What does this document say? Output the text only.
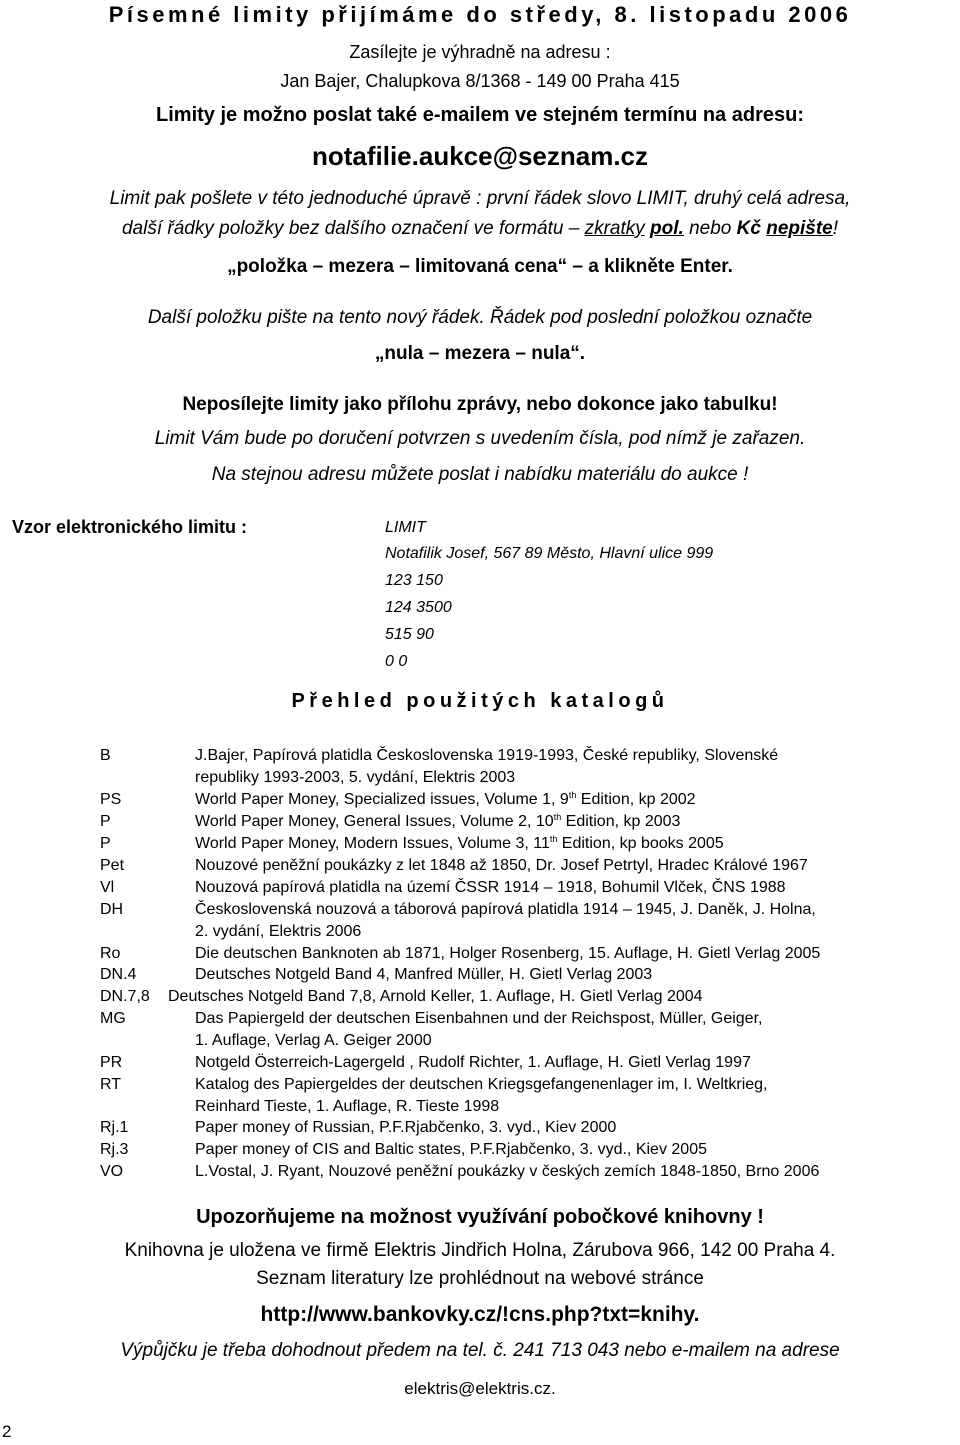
Písemné limity přijímáme do středy, 8. listopadu 2006
Zasílejte je výhradně na adresu :
Jan Bajer, Chalupkova 8/1368 - 149 00 Praha 415
Limity je možno poslat také e-mailem ve stejném termínu na adresu:
notafilie.aukce@seznam.cz
Limit pak pošlete v této jednoduché úpravě : první řádek slovo LIMIT, druhý celá adresa,
další řádky položky bez dalšího označení ve formátu – zkratky pol. nebo Kč nepište!
„položka – mezera – limitovaná cena“ – a klikněte Enter.
Další položku pište na tento nový řádek. Řádek pod poslední položkou označte
„nula – mezera – nula“.
Neposílejte limity jako přílohu zprávy, nebo dokonce jako tabulku!
Limit Vám bude po doručení potvrzen s uvedením čísla, pod nímž je zařazen.
Na stejnou adresu můžete poslat i nabídku materiálu do aukce !
Vzor elektronického limitu :	LIMIT
Notafilik Josef, 567 89 Město, Hlavní ulice 999
123 150
124 3500
515 90
0 0
Přehled použitých katalogů
B	J.Bajer, Papírová platidla Československa 1919-1993, České republiky, Slovenské
republiky 1993-2003, 5. vydání, Elektris 2003
PS	World Paper Money, Specialized issues, Volume 1, 9th Edition, kp 2002
P	World Paper Money, General Issues, Volume 2, 10th Edition, kp 2003
P	World Paper Money, Modern Issues, Volume 3, 11th Edition, kp books 2005
Pet	Nouzové peněžní poukázky z let 1848 až 1850, Dr. Josef Petrtyl, Hradec Králové 1967
Vl	Nouzová papírová platidla na území ČSSR 1914 – 1918, Bohumil Vlček, ČNS 1988
DH	Československá nouzová a táborová papírová platidla 1914 – 1945, J. Daněk, J. Holna,
2. vydání, Elektris 2006
Ro	Die deutschen Banknoten ab 1871, Holger Rosenberg, 15. Auflage, H. Gietl Verlag 2005
DN.4	Deutsches Notgeld Band 4, Manfred Müller, H. Gietl Verlag 2003
DN.7,8 Deutsches Notgeld Band 7,8, Arnold Keller, 1. Auflage, H. Gietl Verlag 2004
MG	Das Papiergeld der deutschen Eisenbahnen und der Reichspost, Müller, Geiger,
1. Auflage, Verlag A. Geiger 2000
PR	Notgeld Österreich-Lagergeld , Rudolf Richter, 1. Auflage, H. Gietl Verlag 1997
RT	Katalog des Papiergeldes der deutschen Kriegsgefangenenlager im, I. Weltkrieg,
Reinhard Tieste, 1. Auflage, R. Tieste 1998
Rj.1	Paper money of Russian, P.F.Rjabčenko, 3. vyd., Kiev 2000
Rj.3	Paper money of CIS and Baltic states, P.F.Rjabčenko, 3. vyd., Kiev 2005
VO	L.Vostal, J. Ryant, Nouzové peněžní poukázky v českých zemích 1848-1850, Brno 2006
Upozorňujeme na možnost využívání pobočkové knihovny !
Knihovna je uložena ve firmě Elektris Jindřich Holna, Zárubova 966, 142 00 Praha 4.
Seznam literatury lze prohlédnout na webové stránce
http://www.bankovky.cz/!cns.php?txt=knihy.
Výpůjčku je třeba dohodnout předem na tel. č. 241 713 043 nebo e-mailem na adrese
elektris@elektris.cz.
2
